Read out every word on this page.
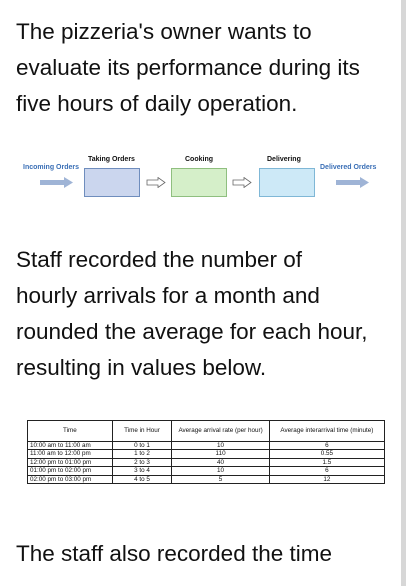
The pizzeria's owner wants to
evaluate its performance during its
five hours of daily operation.
Incoming Orders
Taking Orders	Cooking	Delivering
Delivered Orders
Staff recorded the number of
hourly arrivals for a month and
rounded the average for each hour,
resulting in values below.
Time	Time in Hour	Average arrival rate (per hour)	Average interarrival time (minute)
10:00 am to 11:00 am	0 to 1	10	6
11:00 am to 12:00 pm	1 to 2	110	0.55
12:00 pm to 01:00 pm	2 to 3	40	1.5
01:00 pm to 02:00 pm	3 to 4	10	6
02:00 pm to 03:00 pm	4 to 5	5	12
The staff also recorded the time
